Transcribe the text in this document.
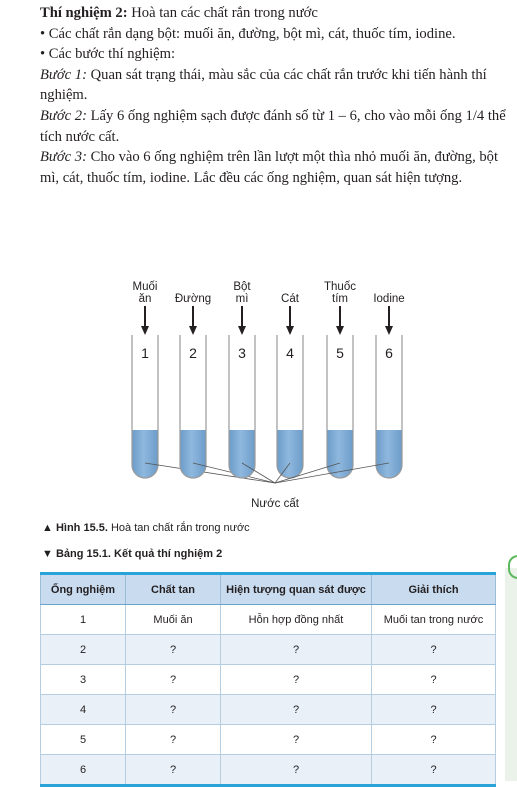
Thí nghiệm 2: Hoà tan các chất rắn trong nước

• Các chất rắn dạng bột: muối ăn, đường, bột mì, cát, thuốc tím, iodine.

• Các bước thí nghiệm:

Bước 1: Quan sát trạng thái, màu sắc của các chất rắn trước khi tiến hành thí nghiệm.

Bước 2: Lấy 6 ống nghiệm sạch được đánh số từ 1 – 6, cho vào mỗi ống 1/4 thể tích nước cất.

Bước 3: Cho vào 6 ống nghiệm trên lần lượt một thìa nhỏ muối ăn, đường, bột mì, cát, thuốc tím, iodine. Lắc đều các ống nghiệm, quan sát hiện tượng.

Muối
ăn
1
Đường
2
Bột
mì
3
Cát
4
Thuốc
tím
5
Iodine
6
Nước cất
▲ Hình 15.5. Hoà tan chất rắn trong nước
▼ Bảng 15.1. Kết quả thí nghiệm 2
Ống nghiệm	Chất tan	Hiện tượng quan sát được	Giải thích
1	Muối ăn	Hỗn hợp đồng nhất	Muối tan trong nước
2	?	?	?
3	?	?	?
4	?	?	?
5	?	?	?
6	?	?	?
